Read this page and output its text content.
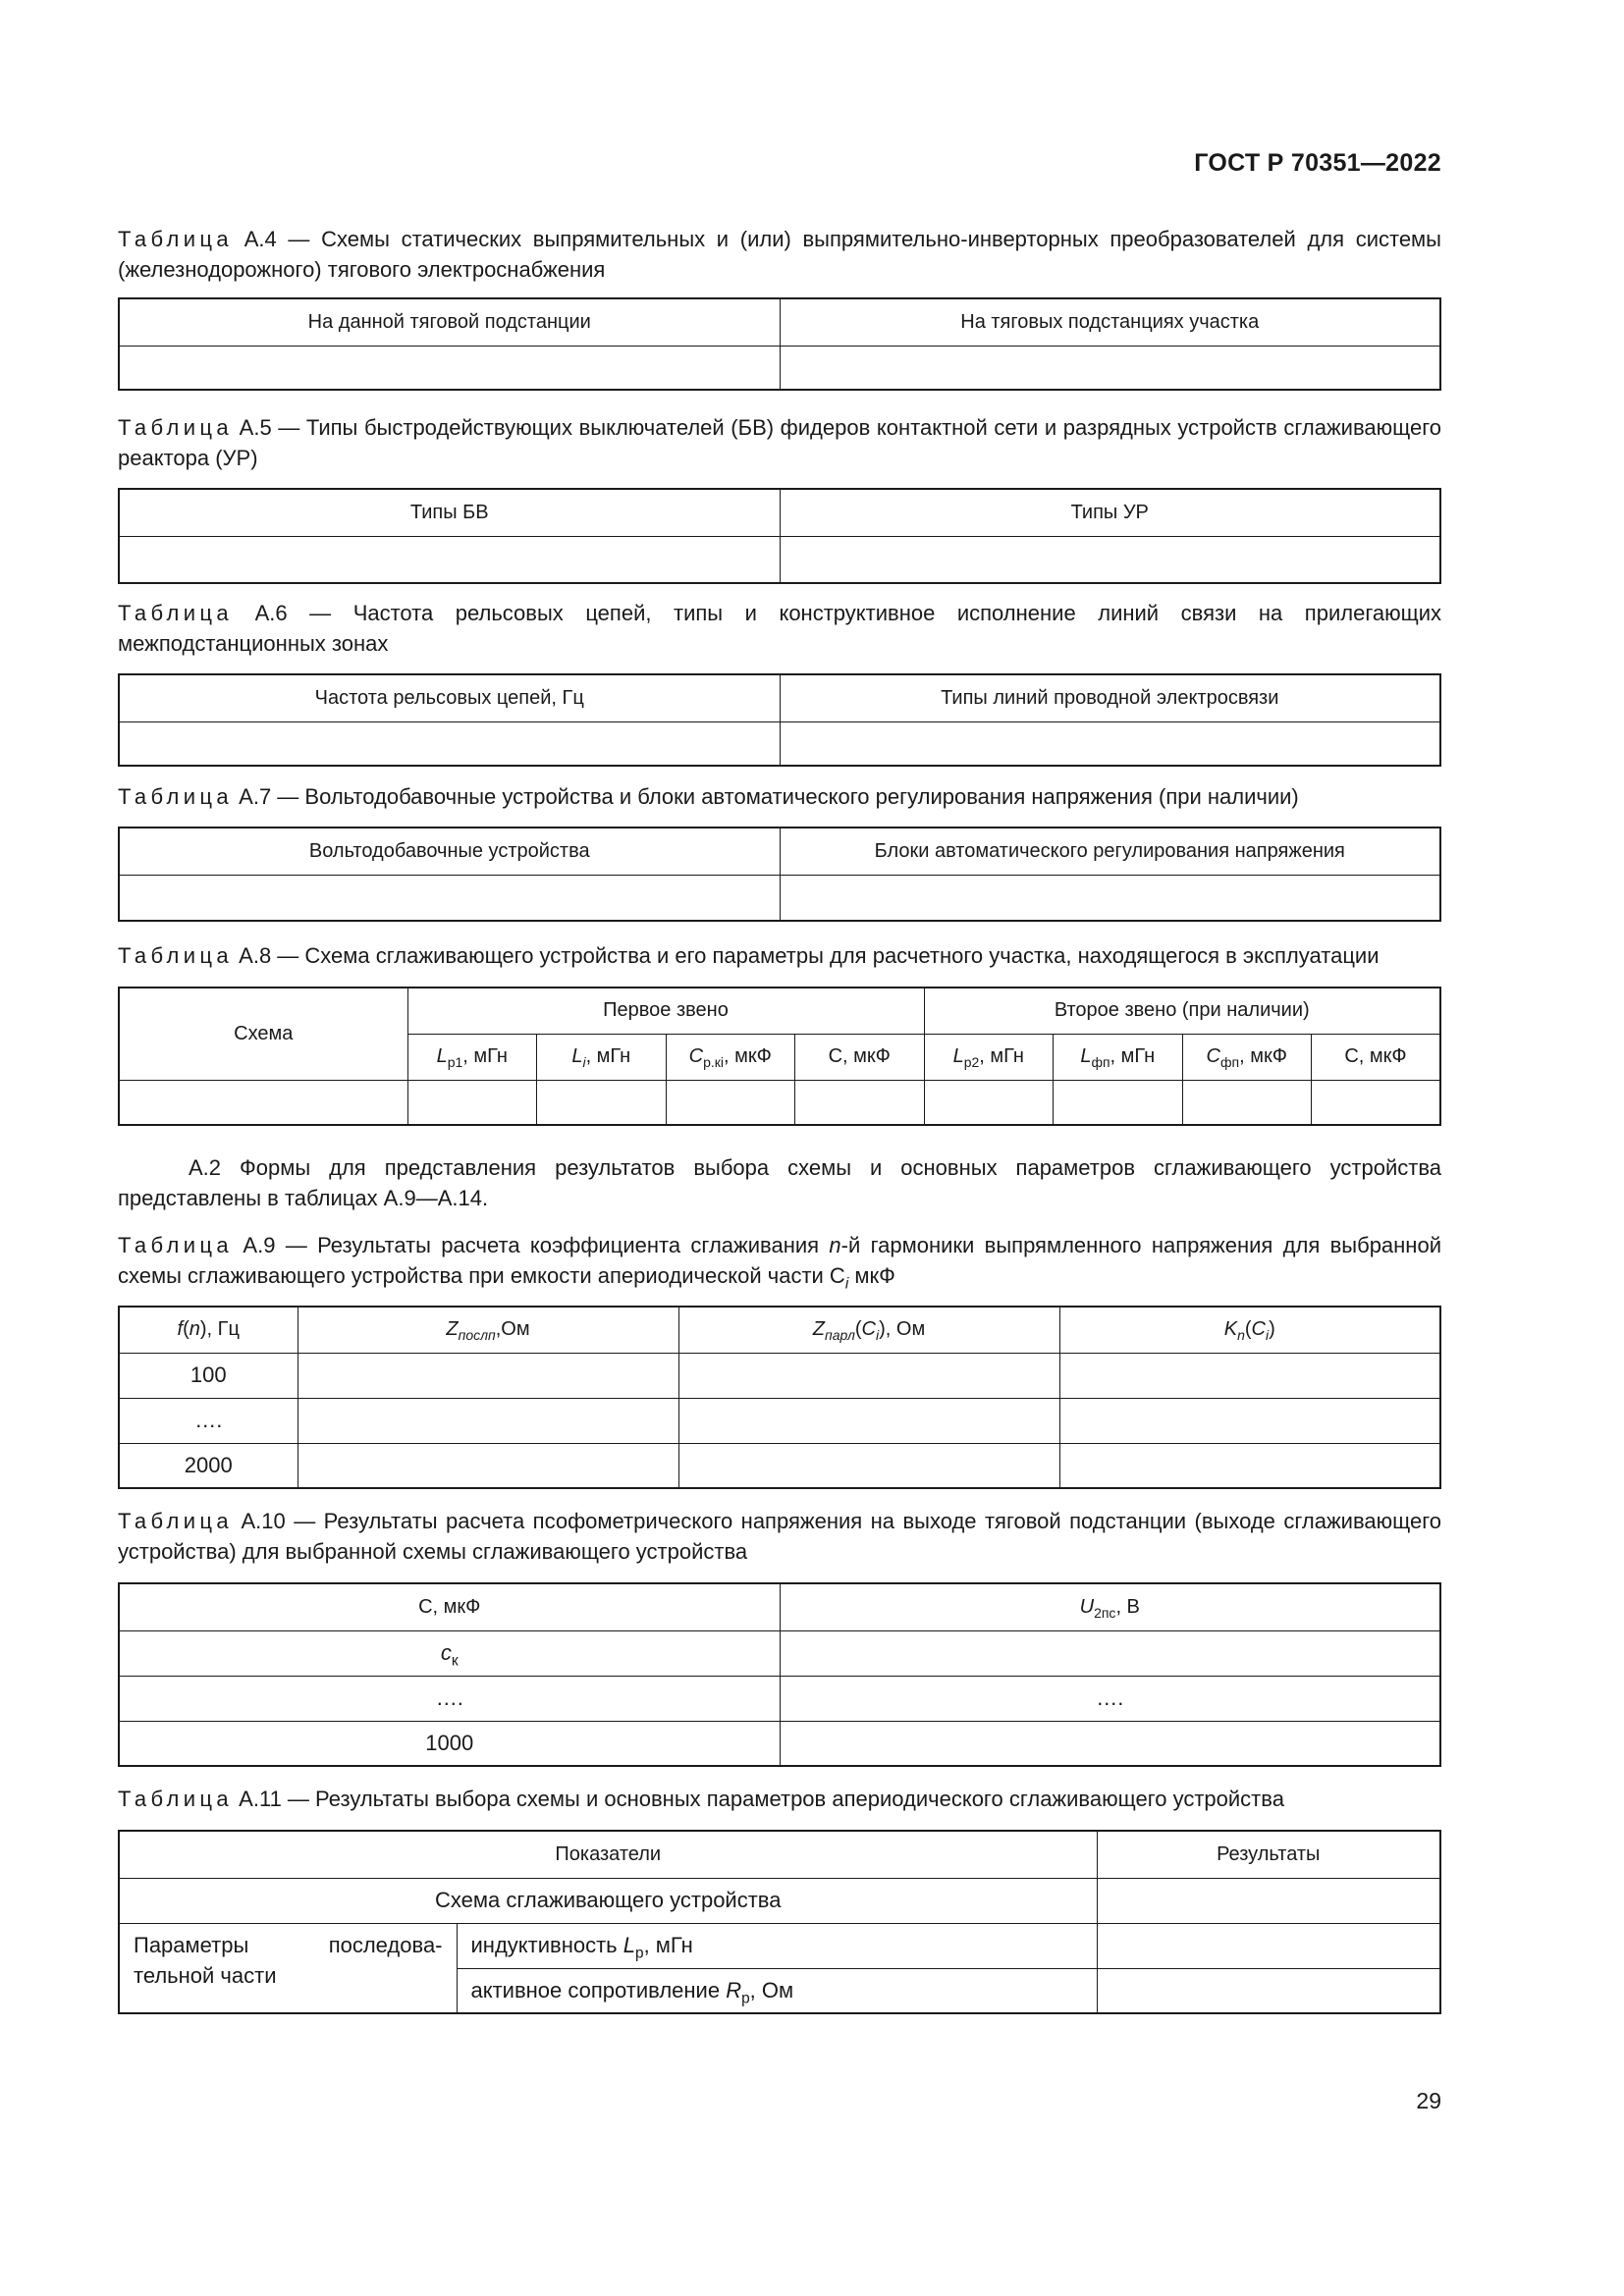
ГОСТ Р 70351—2022
Таблица А.4 — Схемы статических выпрямительных и (или) выпрямительно-инверторных преобразователей для системы (железнодорожного) тягового электроснабжения
На данной тяговой подстанции	На тяговых подстанциях участка

Таблица А.5 — Типы быстродействующих выключателей (БВ) фидеров контактной сети и разрядных устройств сглаживающего реактора (УР)
Типы БВ	Типы УР

Таблица А.6 — Частота рельсовых цепей, типы и конструктивное исполнение линий связи на прилегающих межподстанционных зонах
Частота рельсовых цепей, Гц	Типы линий проводной электросвязи

Таблица А.7 — Вольтодобавочные устройства и блоки автоматического регулирования напряжения (при наличии)
Вольтодобавочные устройства	Блоки автоматического регулирования напряжения

Таблица А.8 — Схема сглаживающего устройства и его параметры для расчетного участка, находящегося в эксплуатации
Схема	Первое звено				Второе звено (при наличии)			
	$L_{p1}$, мГн	$L_i$, мГн	$C_{р.кi}$, мкФ	С, мкФ	$L_{p2}$, мГн	$L_{фп}$, мГн	$C_{фп}$, мкФ	С, мкФ

А.2 Формы для представления результатов выбора схемы и основных параметров сглаживающего устройства представлены в таблицах А.9—А.14.
Таблица А.9 — Результаты расчета коэффициента сглаживания n-й гармоники выпрямленного напряжения для выбранной схемы сглаживающего устройства при емкости апериодической части $С_i$ мкФ
f(n), Гц	$Z_{послп},Ом$	$Z_{парл}(C_i)$, Ом	$K_n(C_i)$
100			
….			
2000			
Таблица А.10 — Результаты расчета псофометрического напряжения на выходе тяговой подстанции (выходе сглаживающего устройства) для выбранной схемы сглаживающего устройства
С, мкФ	$U_{2пс}$, В
$c_к$	
….	….
1000	
Таблица А.11 — Результаты выбора схемы и основных параметров апериодического сглаживающего устройства
Показатели		Результаты
Схема сглаживающего устройства		

Параметры последова-
тельной части	индуктивность $L_p$, мГн	
	активное сопротивление $R_p$, Ом	
29
